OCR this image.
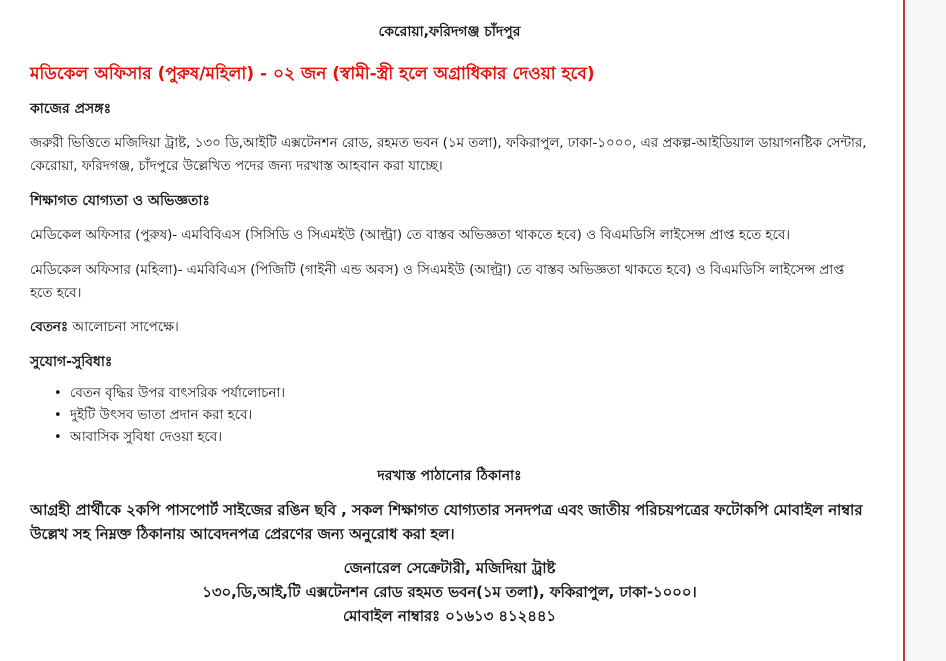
কেরোয়া,ফরিদগঞ্জ চাঁদপুর
মডিকেল অফিসার (পুরুষ/মহিলা) - ০২ জন (স্বামী-স্ত্রী হলে অগ্রাধিকার দেওয়া হবে)
কাজের প্রসঙ্গঃ

জরুরী ভিত্তিতে মজিদিয়া ট্রাষ্ট, ১৩০ ডি,আইটি এক্সটেনশন রোড, রহমত ভবন (১ম তলা), ফকিরাপুল, ঢাকা-১০০০, এর প্রকল্প-আইডিয়াল ডায়াগনষ্টিক সেন্টার, কেরোয়া, ফরিদগঞ্জ, চাঁদপুরে উল্লেখিত পদের জন্য দরখাস্ত আহবান করা যাচ্ছে।

শিক্ষাগত যোগ্যতা ও অভিজ্ঞতাঃ

মেডিকেল অফিসার (পুরুষ)- এমবিবিএস (সিসিডি ও সিএমইউ (আল্ট্রা) তে বাস্তব অভিজ্ঞতা থাকতে হবে) ও বিএমডিসি লাইসেন্স প্রাপ্ত হতে হবে।

মেডিকেল অফিসার (মহিলা)- এমবিবিএস (পিজিটি (গাইনী এন্ড অবস) ও সিএমইউ (আল্ট্রা) তে বাস্তব অভিজ্ঞতা থাকতে হবে) ও বিএমডিসি লাইসেন্স প্রাপ্ত হতে হবে।

বেতনঃ আলোচনা সাপেক্ষে।
সুযোগ-সুবিধাঃ
• বেতন বৃদ্ধির উপর বাৎসরিক পর্যালোচনা।
• দুইটি উৎসব ভাতা প্রদান করা হবে।
• আবাসিক সুবিধা দেওয়া হবে।
দরখাস্ত পাঠানোর ঠিকানাঃ

আগ্রহী প্রার্থীকে ২কপি পাসপোর্ট সাইজের রঙিন ছবি , সকল শিক্ষাগত যোগ্যতার সনদপত্র এবং জাতীয় পরিচয়পত্রের ফটোকপি মোবাইল নাম্বার উল্লেখ সহ নিম্নক্ত ঠিকানায় আবেদনপত্র প্রেরণের জন্য অনুরোধ করা হল।

জেনারেল সেক্রেটারী, মজিদিয়া ট্রাষ্ট
১৩০,ডি,আই,টি এক্সটেনশন রোড রহমত ভবন(১ম তলা), ফকিরাপুল, ঢাকা-১০০০।
মোবাইল নাম্বারঃ ০১৬১৩ ৪১২৪৪১
